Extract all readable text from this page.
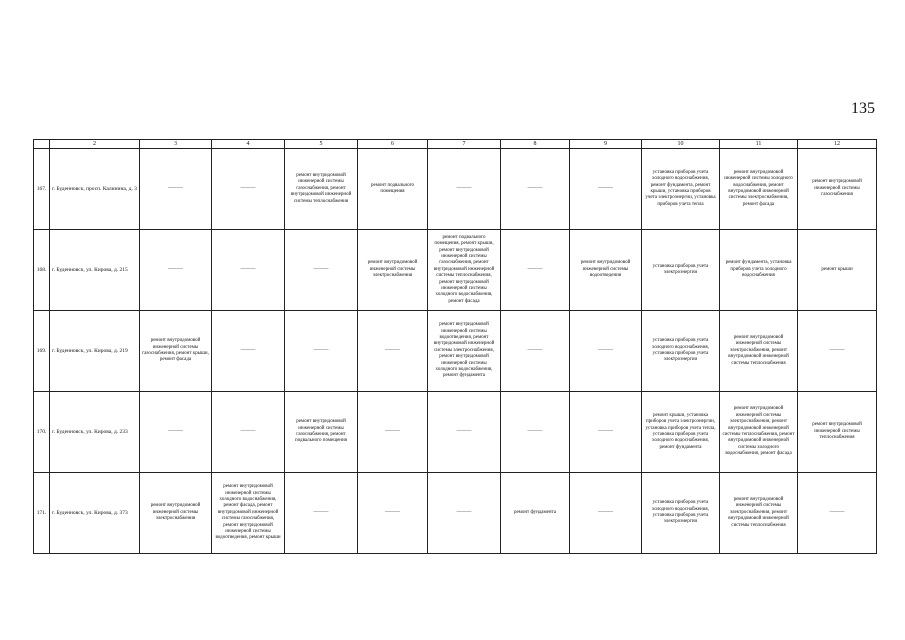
135
	2	3	4	5	6	7	8	9	10	11	12
167.	г. Буденновск, просп. Калинина, д. 3	———	———	ремонт внутридомовой инженерной системы газоснабжения, ремонт внутридомовой инженерной системы теплоснабжения	ремонт подвального помещения	———	———	———	установка приборов учета холодного водоснабжения, ремонт фундамента, ремонт крыши, установка приборов учета электроэнергии, установка приборов учета тепла	ремонт внутридомовой инженерной системы холодного водоснабжения, ремонт внутридомовой инженерной системы электроснабжения, ремонт фасада	ремонт внутридомовой инженерной системы газоснабжения
168.	г. Буденновск, ул. Кирова, д. 215	———	———	———	ремонт внутридомовой инженерной системы электроснабжения	ремонт подвального помещения, ремонт крыши, ремонт внутридомовой инженерной системы газоснабжения, ремонт внутридомовой инженерной системы теплоснабжения, ремонт внутридомовой инженерной системы холодного водоснабжения, ремонт фасада	———	ремонт внутридомовой инженерной системы водоотведения	установка приборов учета электроэнергии	ремонт фундамента, установка приборов учета холодного водоснабжения	ремонт крыши
169.	г. Буденновск, ул. Кирова, д. 219	ремонт внутридомовой инженерной системы газоснабжения, ремонт крыши, ремонт фасада	———	———	———	ремонт внутридомовой инженерной системы водоотведения, ремонт внутридомовой инженерной системы электроснабжения, ремонт внутридомовой инженерной системы холодного водоснабжения, ремонт фундамента	———	———	установка приборов учета холодного водоснабжения, установка приборов учета электроэнергии	ремонт внутридомовой инженерной системы электроснабжения, ремонт внутридомовой инженерной системы теплоснабжения	———
170.	г. Буденновск, ул. Кирова, д. 233	———	———	ремонт внутридомовой инженерной системы газоснабжения, ремонт подвального помещения	———	———	———	———	ремонт крыши, установка приборов учета электроэнергии, установка приборов учета тепла, установка приборов учета холодного водоснабжения, ремонт фундамента	ремонт внутридомовой инженерной системы электроснабжения, ремонт внутридомовой инженерной системы теплоснабжения, ремонт внутридомовой инженерной системы холодного водоснабжения, ремонт фасада	ремонт внутридомовой инженерной системы теплоснабжения
171.	г. Буденновск, ул. Кирова, д. 373	ремонт внутридомовой инженерной системы электроснабжения	ремонт внутридомовой инженерной системы холодного водоснабжения, ремонт фасада, ремонт внутридомовой инженерной системы газоснабжения, ремонт внутридомовой инженерной системы водоотведения, ремонт крыши	———	———	———	ремонт фундамента	———	установка приборов учета холодного водоснабжения, установка приборов учета электроэнергии	ремонт внутридомовой инженерной системы электроснабжения, ремонт внутридомовой инженерной системы теплоснабжения	———
